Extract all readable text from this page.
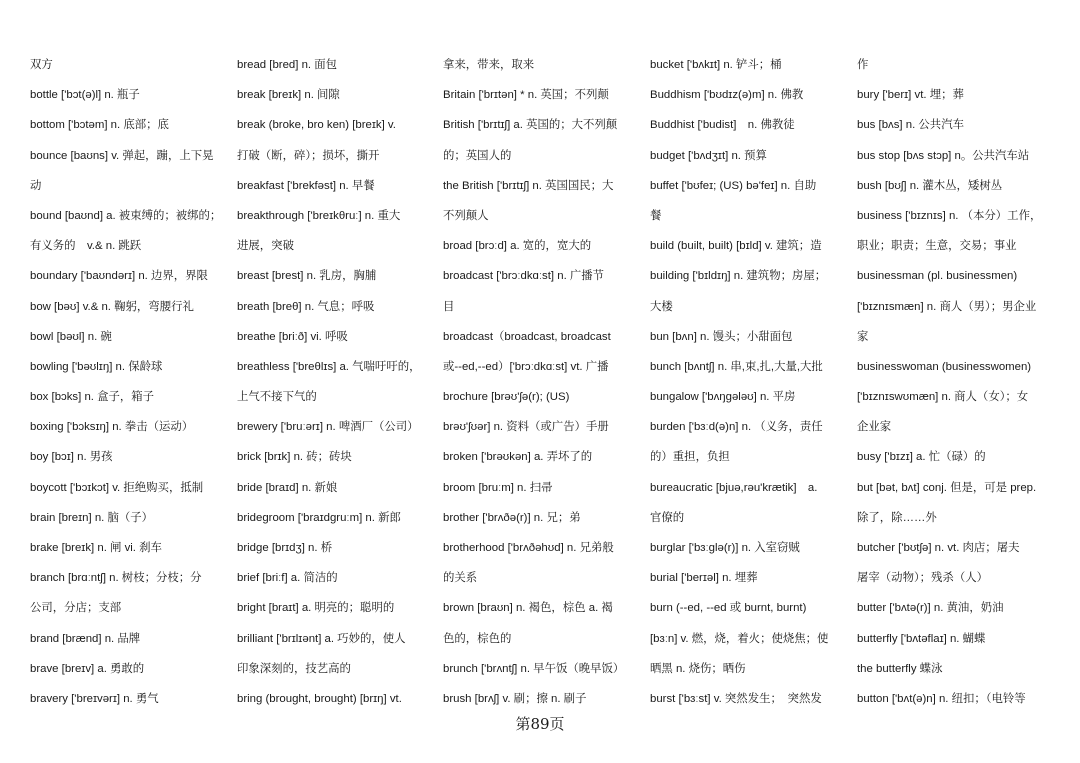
双方
bottle ['bɔt(ə)l] n. 瓶子
bottom ['bɔtəm] n. 底部；底
bounce [baʊns] v. 弹起，蹦，上下晃
动
bound [baʊnd] a. 被束缚的；被绑的；
有义务的　v.& n. 跳跃
boundary ['baʊndərɪ] n. 边界，界限
bow [bəʊ] v.& n. 鞠躬，弯腰行礼
bowl [bəʊl] n. 碗
bowling ['bəʊlɪŋ] n. 保龄球
box [bɔks] n. 盒子，箱子
boxing ['bɔksɪŋ] n. 拳击（运动）
boy [bɔɪ] n. 男孩
boycott ['bɔɪkɔt] v. 拒绝购买，抵制
brain [breɪn] n. 脑（子）
brake [breɪk] n. 闸 vi. 刹车
branch [brɑːntʃ] n. 树枝；分枝；分
公司，分店；支部
brand [brænd] n. 品牌
brave [breɪv] a. 勇敢的
bravery ['breɪvərɪ] n. 勇气
bread [bred] n. 面包
break [breɪk] n. 间隙
break (broke, bro ken) [breɪk] v.
打破（断，碎）；损坏，撕开
breakfast ['brekfəst] n. 早餐
breakthrough ['breɪkθruː] n. 重大
进展，突破
breast [brest] n. 乳房，胸脯
breath [breθ] n. 气息；呼吸
breathe [briːð] vi. 呼吸
breathless ['breθlɪs] a. 气喘吁吁的，
上气不接下气的
brewery ['bruːərɪ] n. 啤酒厂（公司）
brick [brɪk] n. 砖；砖块
bride [braɪd] n. 新娘
bridegroom ['braɪdgruːm] n. 新郎
bridge [brɪdʒ] n. 桥
brief [briːf] a. 简洁的
bright [braɪt] a. 明亮的；聪明的
brilliant ['brɪlɪənt] a. 巧妙的，使人
印象深刻的，技艺高的
bring (brought, brought) [brɪŋ] vt.
拿来，带来，取来
Britain ['brɪtən] * n. 英国；不列颠
British ['brɪtɪʃ] a. 英国的；大不列颠
的；英国人的
the British ['brɪtɪʃ] n. 英国国民；大
不列颠人
broad [brɔːd] a. 宽的，宽大的
broadcast ['brɔːdkɑːst] n. 广播节
目
broadcast（broadcast, broadcast
或--ed,--ed）['brɔːdkɑːst] vt. 广播
brochure [brəʊ'ʃə(r); (US)
brəʊ'ʃʊər] n. 资料（或广告）手册
broken ['brəʊkən] a. 弄坏了的
broom [bruːm] n. 扫帚
brother ['brʌðə(r)] n. 兄；弟
brotherhood ['brʌðəhʊd] n. 兄弟般
的关系
brown [braʊn] n. 褐色，棕色 a. 褐
色的，棕色的
brunch ['brʌntʃ] n. 早午饭（晚早饭）
brush [brʌʃ] v. 刷；擦 n. 刷子
bucket ['bʌkɪt] n. 铲斗；桶
Buddhism ['bʊdɪz(ə)m] n. 佛教
Buddhist ['budist]　n. 佛教徒
budget ['bʌdʒɪt] n. 预算
buffet ['bʊfeɪ; (US) bə'feɪ] n. 自助
餐
build (built, built) [bɪld] v. 建筑；造
building ['bɪldɪŋ] n. 建筑物；房屋；
大楼
bun [bʌn] n. 馒头；小甜面包
bunch [bʌntʃ] n. 串,束,扎,大量,大批
bungalow ['bʌŋgələʊ] n. 平房
burden ['bɜːd(ə)n] n. （义务，责任
的）重担，负担
bureaucratic [bjuə,rəu'krætik]　a.
官僚的
burglar ['bɜːglə(r)] n. 入室窃贼
burial ['berɪəl] n. 埋葬
burn (--ed, --ed 或 burnt, burnt)
[bɜːn] v. 燃，烧，着火；使烧焦；使
晒黑 n. 烧伤；晒伤
burst ['bɜːst] v. 突然发生；　突然发
作
bury ['berɪ] vt. 埋；葬
bus [bʌs] n. 公共汽车
bus stop [bʌs stɔp] n。公共汽车站
bush [bʊʃ] n. 灌木丛，矮树丛
business ['bɪznɪs] n. （本分）工作，
职业；职责；生意，交易；事业
businessman (pl. businessmen)
['bɪznɪsmæn] n. 商人（男）；男企业
家
businesswoman (businesswomen)
['bɪznɪswʊmæn] n. 商人（女）；女
企业家
busy ['bɪzɪ] a. 忙（碌）的
but [bət, bʌt] conj. 但是，可是 prep.
除了，除……外
butcher ['bʊtʃə] n. vt. 肉店；屠夫
屠宰（动物）；残杀（人）
butter ['bʌtə(r)] n. 黄油，奶油
butterfly ['bʌtəflaɪ] n. 蝴蝶
the butterfly 蝶泳
button ['bʌt(ə)n] n. 纽扣；（电铃等
第89页
